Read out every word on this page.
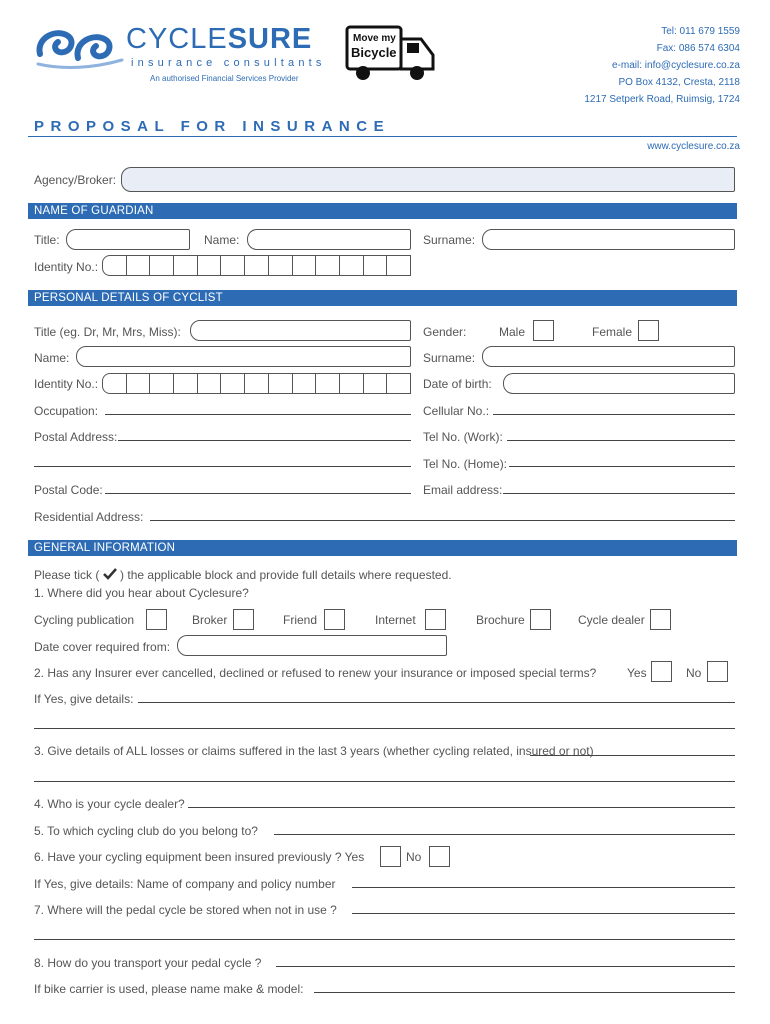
CYCLESURE
insurance consultants
An authorised Financial Services Provider
Move my
Bicycle
Tel: 011 679 1559
Fax: 086 574 6304
e-mail: info@cyclesure.co.za
PO Box 4132, Cresta, 2118
1217 Setperk Road, Ruimsig, 1724
PROPOSAL FOR INSURANCE
www.cyclesure.co.za
Agency/Broker:
NAME OF GUARDIAN
Title:	Name:	Surname:
Identity No.:
PERSONAL DETAILS OF CYCLIST
Title (eg. Dr, Mr, Mrs, Miss):	Gender:	Male	Female
Name:	Surname:
Identity No.:	Date of birth:
Occupation:	Cellular No.:
Postal Address:	Tel No. (Work):
Tel No. (Home):
Postal Code:	Email address:
Residential Address:
GENERAL INFORMATION
Please tick ( ) the applicable block and provide full details where requested.
1. Where did you hear about Cyclesure?
Cycling publication	Broker	Friend	Internet	Brochure	Cycle dealer
Date cover required from:
2. Has any Insurer ever cancelled, declined or refused to renew your insurance or imposed special terms?	Yes	No
If Yes, give details:
3. Give details of ALL losses or claims suffered in the last 3 years (whether cycling related, insured or not)
4. Who is your cycle dealer?
5. To which cycling club do you belong to?
6. Have your cycling equipment been insured previously ? Yes	No
If Yes, give details: Name of company and policy number
7. Where will the pedal cycle be stored when not in use ?
8. How do you transport your pedal cycle ?
If bike carrier is used, please name make & model:
